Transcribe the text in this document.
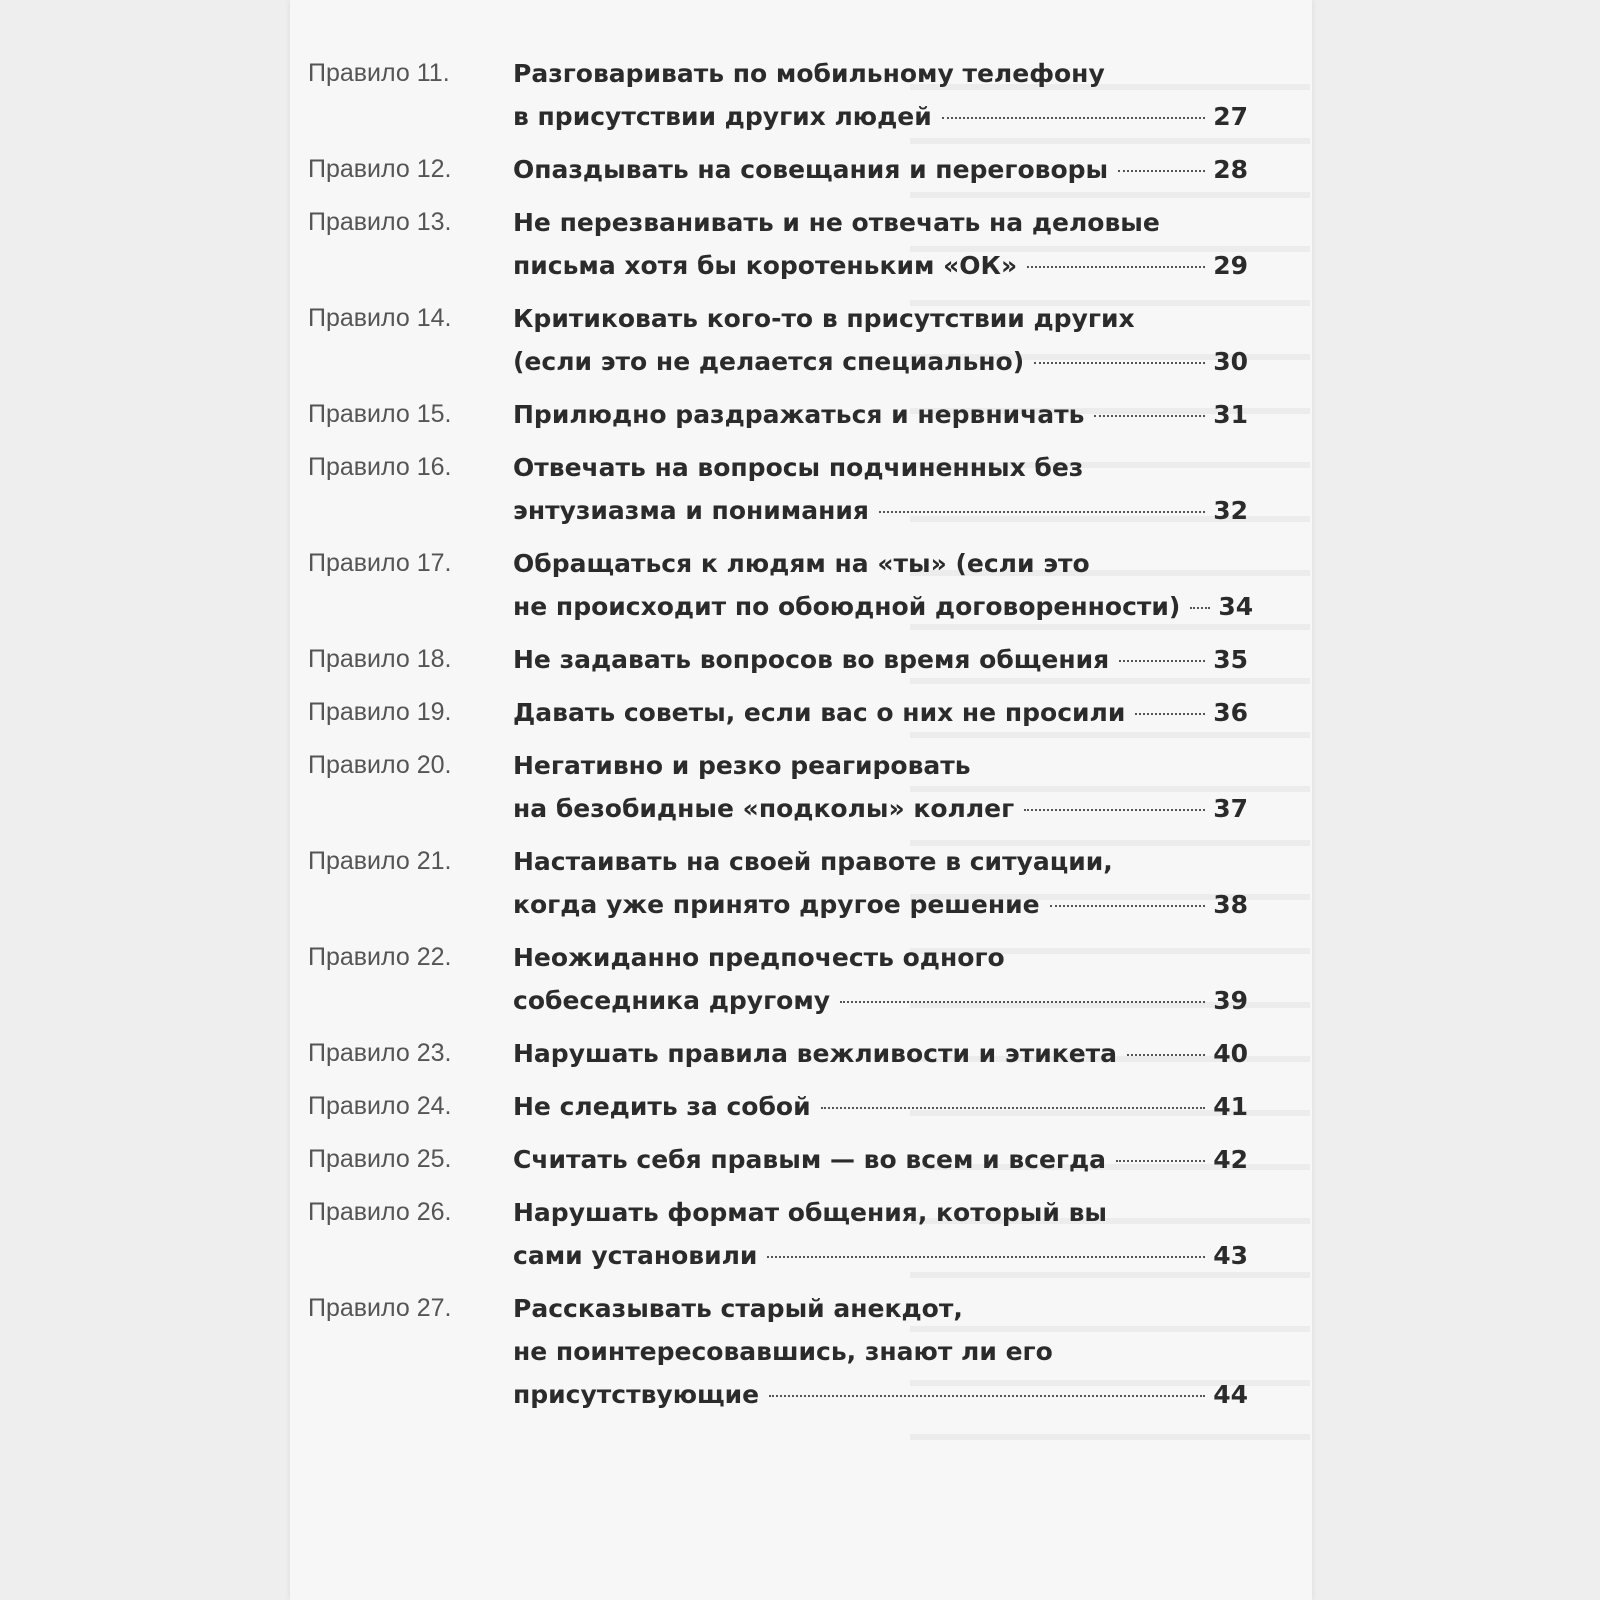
Правило 11.	Разговаривать по мобильному телефону
в присутствии других людей	27
Правило 12.	Опаздывать на совещания и переговоры	28
Правило 13.	Не перезванивать и не отвечать на деловые
письма хотя бы коротеньким «ОК»	29
Правило 14.	Критиковать кого-то в присутствии других
(если это не делается специально)	30
Правило 15.	Прилюдно раздражаться и нервничать	31
Правило 16.	Отвечать на вопросы подчиненных без
энтузиазма и понимания	32
Правило 17.	Обращаться к людям на «ты» (если это
не происходит по обоюдной договоренности) 34
Правило 18.	Не задавать вопросов во время общения	35
Правило 19.	Давать советы, если вас о них не просили	36
Правило 20.	Негативно и резко реагировать
на безобидные «подколы» коллег	37
Правило 21.	Настаивать на своей правоте в ситуации,
когда уже принято другое решение	38
Правило 22.	Неожиданно предпочесть одного
собеседника другому	39
Правило 23.	Нарушать правила вежливости и этикета	40
Правило 24.	Не следить за собой	41
Правило 25.	Считать себя правым — во всем и всегда	42
Правило 26.	Нарушать формат общения, который вы
сами установили	43
Правило 27.	Рассказывать старый анекдот,
не поинтересовавшись, знают ли его
присутствующие	44
